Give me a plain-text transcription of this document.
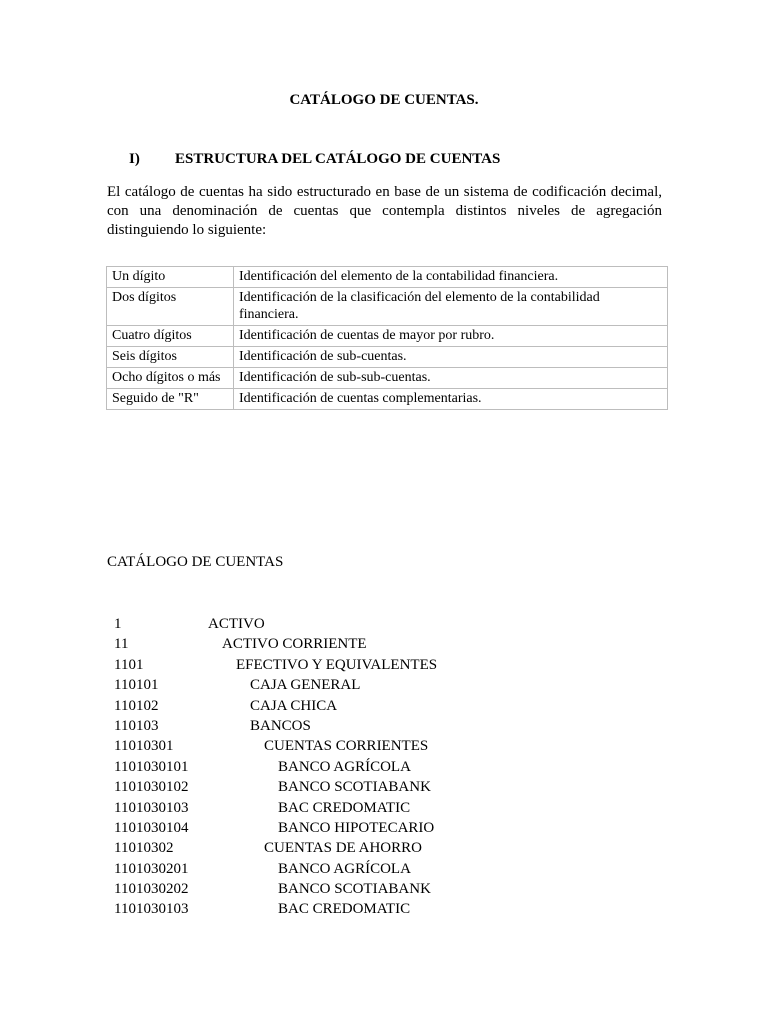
CATÁLOGO DE CUENTAS.
I) ESTRUCTURA DEL CATÁLOGO DE CUENTAS

El catálogo de cuentas ha sido estructurado en base de un sistema de codificación decimal, con una denominación de cuentas que contempla distintos niveles de agregación distinguiendo lo siguiente:

Un dígito	Identificación del elemento de la contabilidad financiera.
Dos dígitos	Identificación de la clasificación del elemento de la contabilidad financiera.
Cuatro dígitos	Identificación de cuentas de mayor por rubro.
Seis dígitos	Identificación de sub-cuentas.
Ocho dígitos o más	Identificación de sub-sub-cuentas.
Seguido de "R"	Identificación de cuentas complementarias.
CATÁLOGO DE CUENTAS
1	ACTIVO
11	ACTIVO CORRIENTE
1101	EFECTIVO Y EQUIVALENTES
110101	CAJA GENERAL
110102	CAJA CHICA
110103	BANCOS
11010301	CUENTAS CORRIENTES
1101030101	BANCO AGRÍCOLA
1101030102	BANCO SCOTIABANK
1101030103	BAC CREDOMATIC
1101030104	BANCO HIPOTECARIO
11010302	CUENTAS DE AHORRO
1101030201	BANCO AGRÍCOLA
1101030202	BANCO SCOTIABANK
1101030103	BAC CREDOMATIC
